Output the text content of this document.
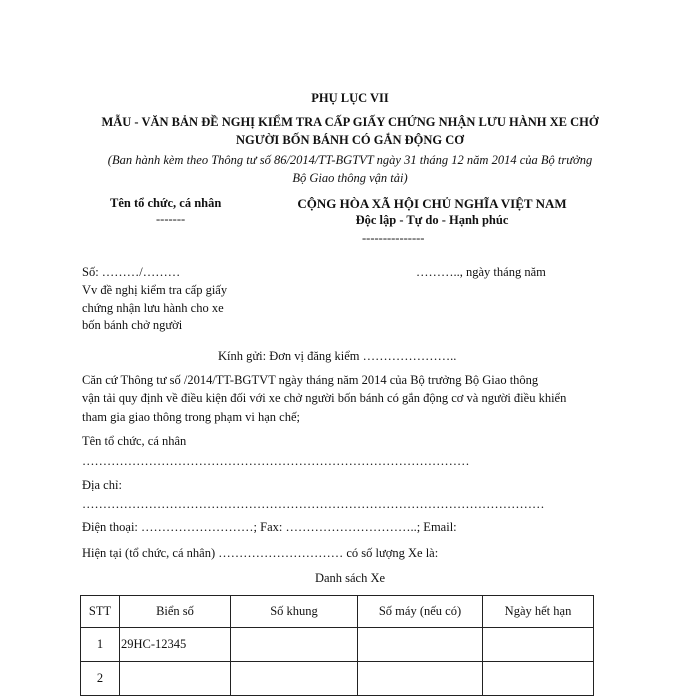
PHỤ LỤC VII
MẪU - VĂN BẢN ĐỀ NGHỊ KIỂM TRA CẤP GIẤY CHỨNG NHẬN LƯU HÀNH XE CHỞ
NGƯỜI BỐN BÁNH CÓ GẮN ĐỘNG CƠ
(Ban hành kèm theo Thông tư số 86/2014/TT-BGTVT ngày 31 tháng 12 năm 2014 của Bộ trưởng
Bộ Giao thông vận tải)
Tên tổ chức, cá nhân
-------
CỘNG HÒA XÃ HỘI CHỦ NGHĨA VIỆT NAM
Độc lập - Tự do - Hạnh phúc
---------------
Số: ………/………	……….., ngày tháng năm
Vv đề nghị kiểm tra cấp giấy
chứng nhận lưu hành cho xe
bốn bánh chở người
Kính gửi: Đơn vị đăng kiểm …………………..
Căn cứ Thông tư số /2014/TT-BGTVT ngày tháng năm 2014 của Bộ trưởng Bộ Giao thông
vận tải quy định về điều kiện đối với xe chở người bốn bánh có gắn động cơ và người điều khiển
tham gia giao thông trong phạm vi hạn chế;
Tên tổ chức, cá nhân
…………………………………………………………………………………
Địa chỉ:
…………………………………………………………………………………………………
Điện thoại: ………………………; Fax: …………………………..; Email:
Hiện tại (tổ chức, cá nhân) ………………………… có số lượng Xe là:
Danh sách Xe
STT	Biển số	Số khung	Số máy (nếu có)	Ngày hết hạn
1	29HC-12345			
2				
